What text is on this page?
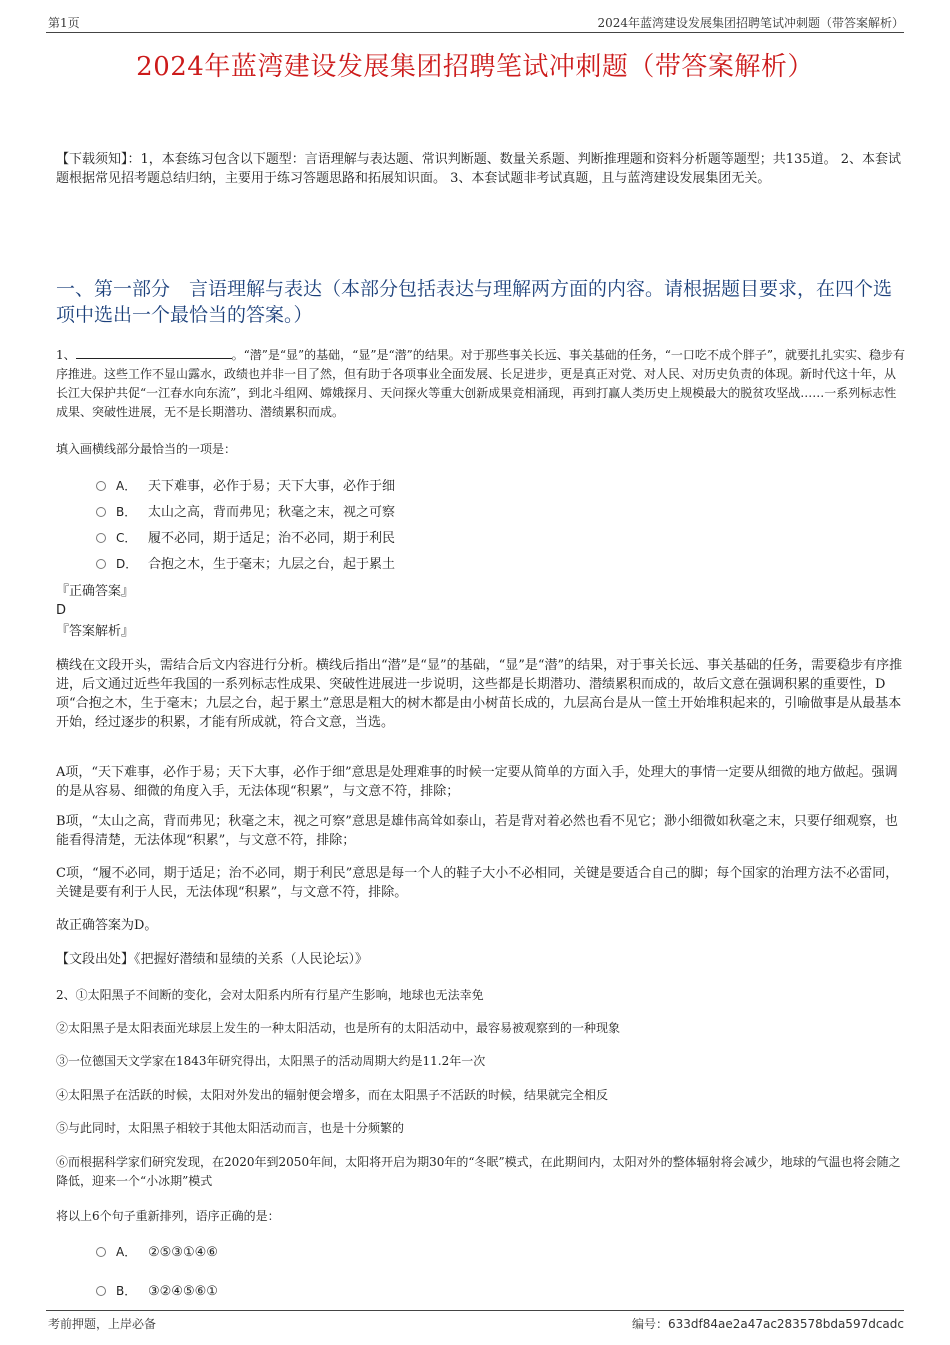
第1页	2024年蓝湾建设发展集团招聘笔试冲刺题（带答案解析）
2024年蓝湾建设发展集团招聘笔试冲刺题（带答案解析）
【下载须知】：1，本套练习包含以下题型：言语理解与表达题、常识判断题、数量关系题、判断推理题和资料分析题等题型；共135道。 2、本套试题根据常见招考题总结归纳，主要用于练习答题思路和拓展知识面。 3、本套试题非考试真题，且与蓝湾建设发展集团无关。
一、第一部分　言语理解与表达（本部分包括表达与理解两方面的内容。请根据题目要求，在四个选项中选出一个最恰当的答案。）
1、	。“潜”是“显”的基础，“显”是“潜”的结果。对于那些事关长远、事关基础的任务，“一口吃不成个胖子”，就要扎扎实实、稳步有序推进。这些工作不显山露水，政绩也并非一目了然，但有助于各项事业全面发展、长足进步，更是真正对党、对人民、对历史负责的体现。新时代这十年，从长江大保护共促“一江春水向东流”，到北斗组网、嫦娥探月、天问探火等重大创新成果竞相涌现，再到打赢人类历史上规模最大的脱贫攻坚战……一系列标志性成果、突破性进展，无不是长期潜功、潜绩累积而成。
填入画横线部分最恰当的一项是：
A． 天下难事，必作于易；天下大事，必作于细
B． 太山之高，背而弗见；秋毫之末，视之可察
C． 履不必同，期于适足；治不必同，期于利民
D． 合抱之木，生于毫末；九层之台，起于累土
『正确答案』
D
『答案解析』
横线在文段开头，需结合后文内容进行分析。横线后指出“潜”是“显”的基础，“显”是“潜”的结果，对于事关长远、事关基础的任务，需要稳步有序推进，后文通过近些年我国的一系列标志性成果、突破性进展进一步说明，这些都是长期潜功、潜绩累积而成的，故后文意在强调积累的重要性，D项“合抱之木，生于毫末；九层之台，起于累土”意思是粗大的树木都是由小树苗长成的，九层高台是从一筐土开始堆积起来的，引喻做事是从最基本开始，经过逐步的积累，才能有所成就，符合文意，当选。
A项，“天下难事，必作于易；天下大事，必作于细”意思是处理难事的时候一定要从简单的方面入手，处理大的事情一定要从细微的地方做起。强调的是从容易、细微的角度入手，无法体现“积累”，与文意不符，排除；
B项，“太山之高，背而弗见；秋毫之末，视之可察”意思是雄伟高耸如泰山，若是背对着必然也看不见它；渺小细微如秋毫之末，只要仔细观察，也能看得清楚，无法体现“积累”，与文意不符，排除；
C项，“履不必同，期于适足；治不必同，期于利民”意思是每一个人的鞋子大小不必相同，关键是要适合自己的脚；每个国家的治理方法不必雷同，关键是要有利于人民，无法体现“积累”，与文意不符，排除。
故正确答案为D。
【文段出处】《把握好潜绩和显绩的关系（人民论坛）》
2、①太阳黑子不间断的变化，会对太阳系内所有行星产生影响，地球也无法幸免
②太阳黑子是太阳表面光球层上发生的一种太阳活动，也是所有的太阳活动中，最容易被观察到的一种现象
③一位德国天文学家在1843年研究得出，太阳黑子的活动周期大约是11.2年一次
④太阳黑子在活跃的时候，太阳对外发出的辐射便会增多，而在太阳黑子不活跃的时候，结果就完全相反
⑤与此同时，太阳黑子相较于其他太阳活动而言，也是十分频繁的
⑥而根据科学家们研究发现，在2020年到2050年间，太阳将开启为期30年的“冬眠”模式，在此期间内，太阳对外的整体辐射将会减少，地球的气温也将会随之降低，迎来一个“小冰期”模式
将以上6个句子重新排列，语序正确的是：
A． ②⑤③①④⑥
B． ③②④⑤⑥①
考前押题，上岸必备	编号：633df84ae2a47ac283578bda597dcadc
